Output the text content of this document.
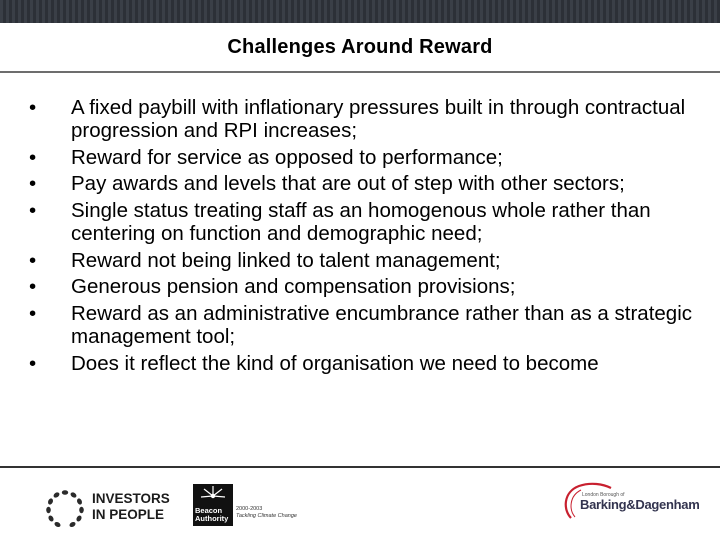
Challenges Around Reward
•	A fixed paybill with inflationary pressures built in through contractual progression and RPI increases;
•	Reward for service as opposed to performance;
•	Pay awards and levels that are out of step with other sectors;
•	Single status treating staff as an homogenous whole rather than centering on function and demographic need;
•	Reward not being linked to talent management;
•	Generous pension and compensation provisions;
•	Reward as an administrative encumbrance rather than as a strategic management tool;
•	Does it reflect the kind of organisation we need to become
INVESTORS
IN PEOPLE	Beacon
Authority
2000-2003
Tackling Climate Change
London Borough of
Barking&Dagenham
